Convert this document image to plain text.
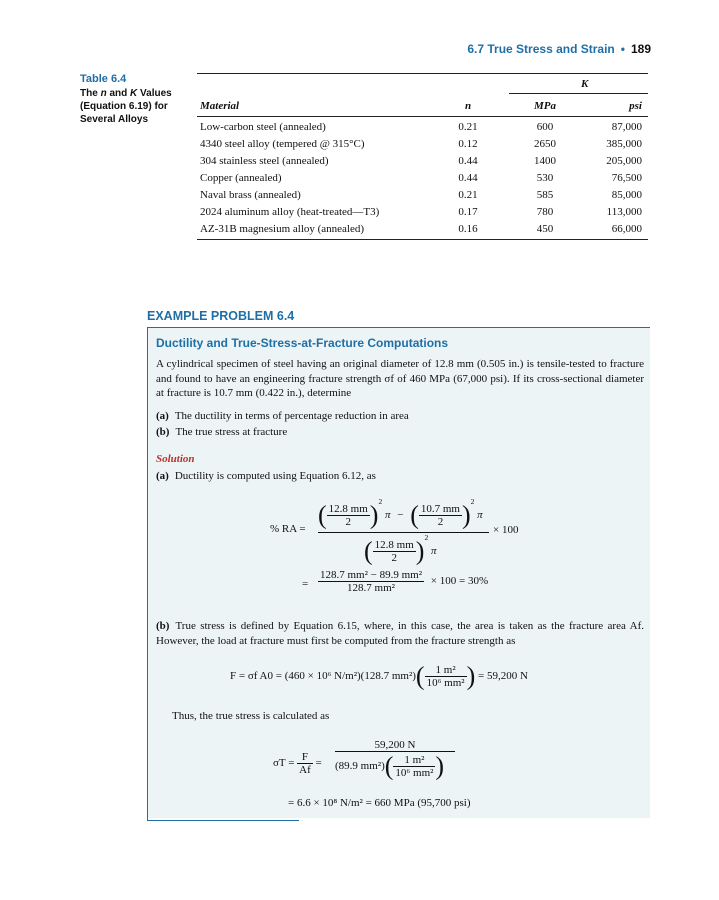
6.7 True Stress and Strain • 189
Table 6.4
The n and K Values (Equation 6.19) for Several Alloys
K
Material	n	MPa	psi
Low-carbon steel (annealed)	0.21	600	87,000
4340 steel alloy (tempered @ 315°C)	0.12	2650	385,000
304 stainless steel (annealed)	0.44	1400	205,000
Copper (annealed)	0.44	530	76,500
Naval brass (annealed)	0.21	585	85,000
2024 aluminum alloy (heat-treated—T3)	0.17	780	113,000
AZ-31B magnesium alloy (annealed)	0.16	450	66,000
EXAMPLE PROBLEM 6.4
Ductility and True-Stress-at-Fracture Computations
A cylindrical specimen of steel having an original diameter of 12.8 mm (0.505 in.) is tensile-tested to fracture and found to have an engineering fracture strength σf of 460 MPa (67,000 psi). If its cross-sectional diameter at fracture is 10.7 mm (0.422 in.), determine
(a) The ductility in terms of percentage reduction in area
(b) The true stress at fracture
Solution
(a) Ductility is computed using Equation 6.12, as
% RA = ( $\frac{12.8 mm}{2} )^2$ π − ( $\frac{10.7 mm}{2} )^2$ π
( $\frac{12.8 mm}{2} )^2$ π
× 100
= $\frac{\text{128.7 mm² − 89.9 mm²}}{\text{128.7 mm²}} \times 100 = 30\%$
(b) True stress is defined by Equation 6.15, where, in this case, the area is taken as the fracture area Af. However, the load at fracture must first be computed from the fracture strength as
F = σf A0 = (460 × 10⁶ N/m²)(128.7 $mm^2)( \frac{\text{1 m²}}{\text{10⁶ mm²}}$ ) = 59,200 N
Thus, the true stress is calculated as
$\sigma T = \frac{F}{Af}$ =
59,200 N
(89.9 $mm^2)( \frac{\text{1 m²}}{\text{10⁶ mm²}}$ )
= 6.6 × 10⁸ N/m² = 660 MPa (95,700 psi)
